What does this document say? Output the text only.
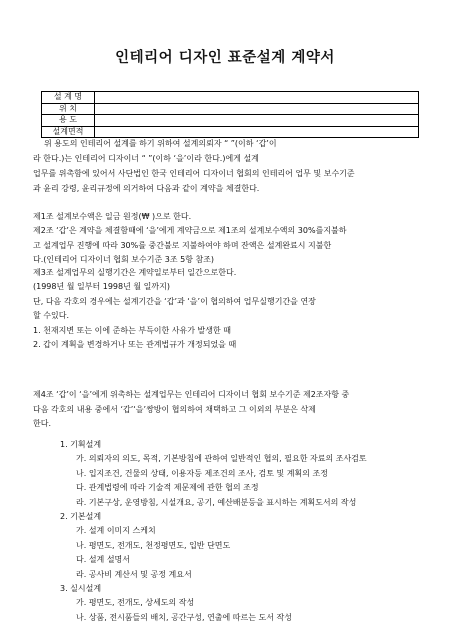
인테리어 디자인 표준설계 계약서
설 계 명	
위 치	
용 도	
설계면적	
위 용도의 인테리어 설계를 하기 위하여 설계의뢰자 “ ”(이하 ‘갑’이
라 한다.)는 인테리어 디자이너 “ ”(이하 ‘을’이라 한다.)에게 설계
업무를 위촉함에 있어서 사단법인 한국 인테리어 디자이너 협회의 인테리어 업무 및 보수기준
과 윤리 강령, 윤리규정에 의거하여 다음과 같이 계약을 체결한다.
제1조 설계보수액은 일금 원정(₩ )으로 한다.
제2조 ‘갑’은 계약을 체결함때에 ‘을’에게 계약금으로 제1조의 설계보수액의 30%를지불하
고 설계업무 진행에 따라 30%를 중간불로 지불하여야 하며 잔액은 설계완료시 지불한
다.(인테리어 디자이너 협회 보수기준 3조 5항 참조)
제3조 설계업무의 실행기간은 계약일로부터 일간으로한다.
(1998년 월 일부터 1998년 월 일까지)
단, 다음 각호의 경우에는 설계기간을 ‘갑’과 ‘을’이 협의하여 업무실행기간을 연장
할 수있다.
1. 천재지변 또는 이에 준하는 부득이한 사유가 발생한 때
2. 갑이 계획을 변경하거나 또는 관계법규가 개정되었을 때
제4조 ‘갑’이 ‘을’에게 위촉하는 설계업무는 인테리어 디자이너 협회 보수기준 제2조자항 중
다음 각호의 내용 중에서 ‘갑’‘을’쌍방이 협의하여 채택하고 그 이외의 부분은 삭제
한다.
1. 기획설계
가. 의뢰자의 의도, 목적, 기본방침에 관하여 일반적인 협의, 필요한 자료의 조사검토
나. 입지조건, 건물의 상태, 이용자등 제조건의 조사, 검토 및 계획의 조정
다. 관계법령에 따라 기술적 제문제에 관한 협의 조정
라. 기본구상, 운영방침, 시설개요, 공기, 예산배분등을 표시하는 계획도서의 작성
2. 기본설계
가. 설계 이미지 스케치
나. 평면도, 전개도, 천정평면도, 입반 단면도
다. 설계 설명서
라. 공사비 계산서 및 공정 계요서
3. 실시설계
가. 평면도, 전개도, 상세도의 작성
나. 상품, 전시품들의 배치, 공간구성, 연출에 따르는 도서 작성
